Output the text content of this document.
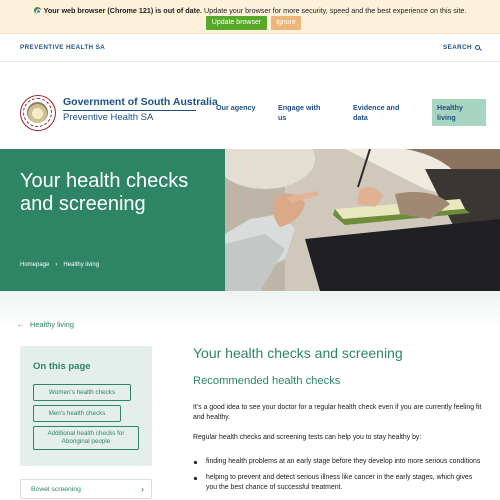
Your web browser (Chrome 121) is out of date. Update your browser for more security, speed and the best experience on this site.
Update browser	Ignore
PREVENTIVE HEALTH SA	SEARCH
Government of South Australia
Preventive Health SA
Our agency	Engage with us
Evidence and data
Healthy living
Your health checks and screening
Homepage › Healthy living
← Healthy living
On this page
Women's health checks
Men's health checks
Additional health checks for Aboriginal people
Bowel screening	›
Your health checks and screening
Recommended health checks
It’s a good idea to see your doctor for a regular health check even if you are currently feeling fit and healthy.
Regular health checks and screening tests can help you to stay healthy by:
finding health problems at an early stage before they develop into more serious conditions
helping to prevent and detect serious illness like cancer in the early stages, which gives you the best chance of successful treatment.
